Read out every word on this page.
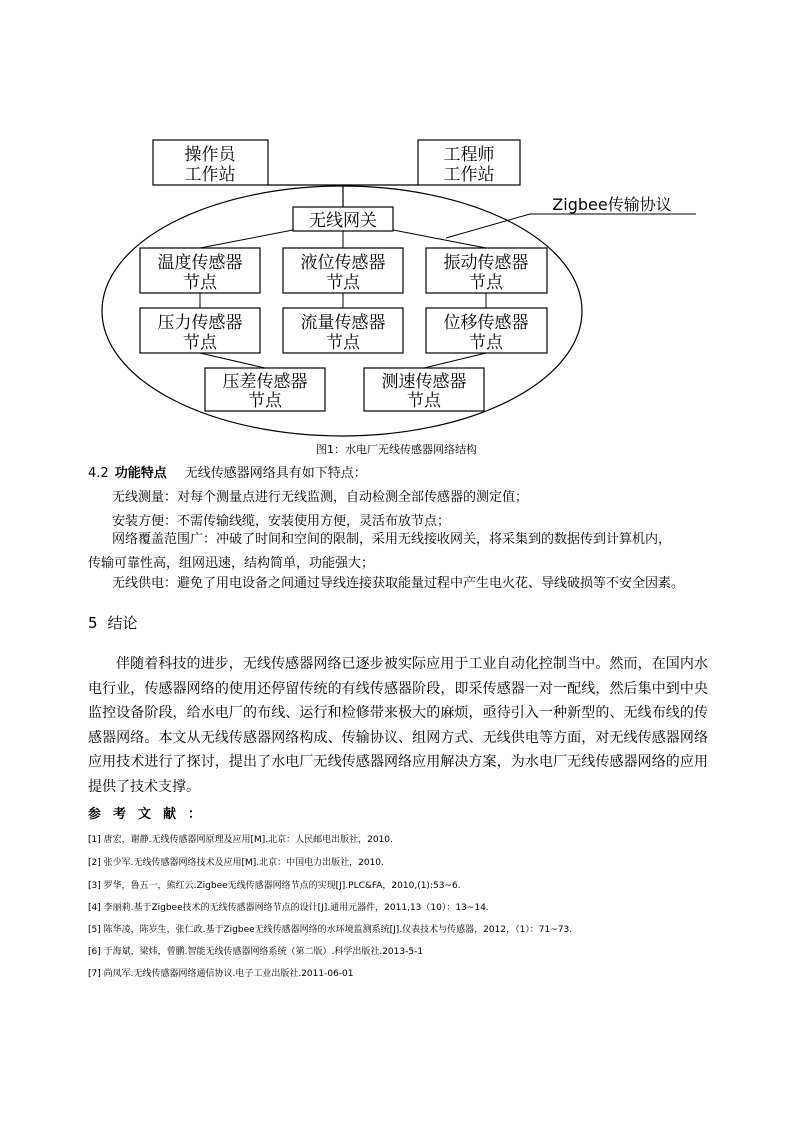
操作员
工作站
工程师
工作站
无线网关
Zigbee传输协议
温度传感器
节点
液位传感器
节点
振动传感器
节点
压力传感器
节点
流量传感器
节点
位移传感器
节点
压差传感器
节点
测速传感器
节点
图1：水电厂无线传感器网络结构
4.2 功能特点 无线传感器网络具有如下特点：
无线测量：对每个测量点进行无线监测，自动检测全部传感器的测定值；
安装方便：不需传输线缆，安装使用方便，灵活布放节点；
网络覆盖范围广：冲破了时间和空间的限制，采用无线接收网关，将采集到的数据传到计算机内，
传输可靠性高，组网迅速，结构简单，功能强大；
无线供电：避免了用电设备之间通过导线连接获取能量过程中产生电火花、导线破损等不安全因素。
5 结论
伴随着科技的进步，无线传感器网络已逐步被实际应用于工业自动化控制当中。然而，在国内水电行业，传感器网络的使用还停留传统的有线传感器阶段，即采传感器一对一配线，然后集中到中央监控设备阶段，给水电厂的布线、运行和检修带来极大的麻烦，亟待引入一种新型的、无线布线的传感器网络。本文从无线传感器网络构成、传输协议、组网方式、无线供电等方面，对无线传感器网络应用技术进行了探讨，提出了水电厂无线传感器网络应用解决方案，为水电厂无线传感器网络的应用提供了技术支撑。
参考文献：
[1] 唐宏，谢静.无线传感器网原理及应用[M].北京：人民邮电出版社，2010.
[2] 张少军.无线传感器网络技术及应用[M].北京：中国电力出版社，2010.
[3] 罗华，鲁五一，熊红云.Zigbee无线传感器网络节点的实现[J].PLC&FA，2010,(1):53~6.
[4] 李丽莉.基于Zigbee技术的无线传感器网络节点的设计[J].通用元器件，2011,13（10）：13~14.
[5] 陈华凌，陈岁生，张仁政.基于Zigbee无线传感器网络的水环境监测系统[J].仪表技术与传感器，2012，（1）：71~73.
[6] 于海斌，梁炜，曾鹏.智能无线传感器网络系统（第二版）.科学出版社.2013-5-1
[7] 尚凤军.无线传感器网络通信协议.电子工业出版社.2011-06-01
